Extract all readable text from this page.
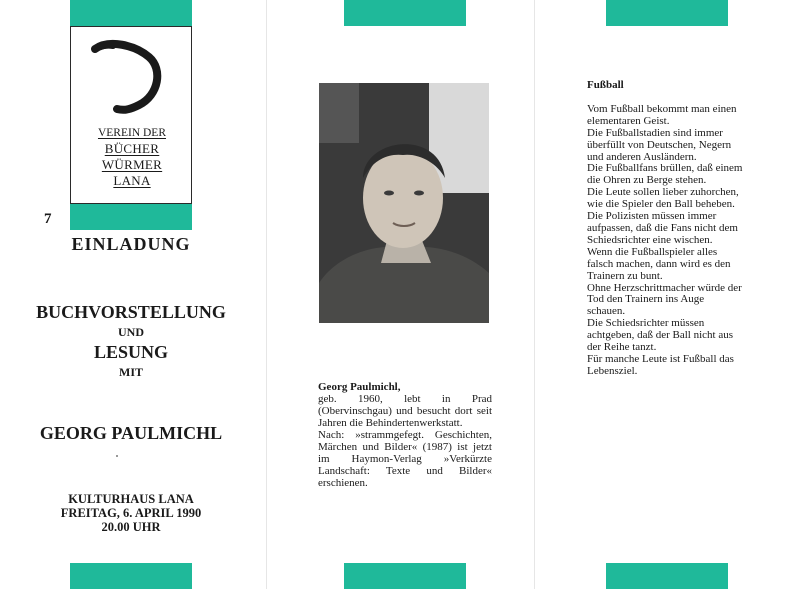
VEREIN DER
BÜCHER
WÜRMER
LANA
7
EINLADUNG
BUCHVORSTELLUNG
UND
LESUNG
MIT
GEORG PAULMICHL
KULTURHAUS LANA
FREITAG, 6. APRIL 1990
20.00 UHR

Georg Paulmichl,

geb. 1960, lebt in Prad (Obervinschgau) und besucht dort seit Jahren die Behindertenwerkstatt.

Nach: »strammgefegt. Geschichten, Märchen und Bilder« (1987) ist jetzt im Haymon-Verlag »Verkürzte Landschaft: Texte und Bilder« erschienen.

Fußball
Vom Fußball bekommt man einen
elementaren Geist.
Die Fußballstadien sind immer
überfüllt von Deutschen, Negern
und anderen Ausländern.
Die Fußballfans brüllen, daß einem
die Ohren zu Berge stehen.
Die Leute sollen lieber zuhorchen,
wie die Spieler den Ball beheben.
Die Polizisten müssen immer
aufpassen, daß die Fans nicht dem
Schiedsrichter eine wischen.
Wenn die Fußballspieler alles
falsch machen, dann wird es den
Trainern zu bunt.
Ohne Herzschrittmacher würde der
Tod den Trainern ins Auge
schauen.
Die Schiedsrichter müssen
achtgeben, daß der Ball nicht aus
der Reihe tanzt.
Für manche Leute ist Fußball das
Lebensziel.
